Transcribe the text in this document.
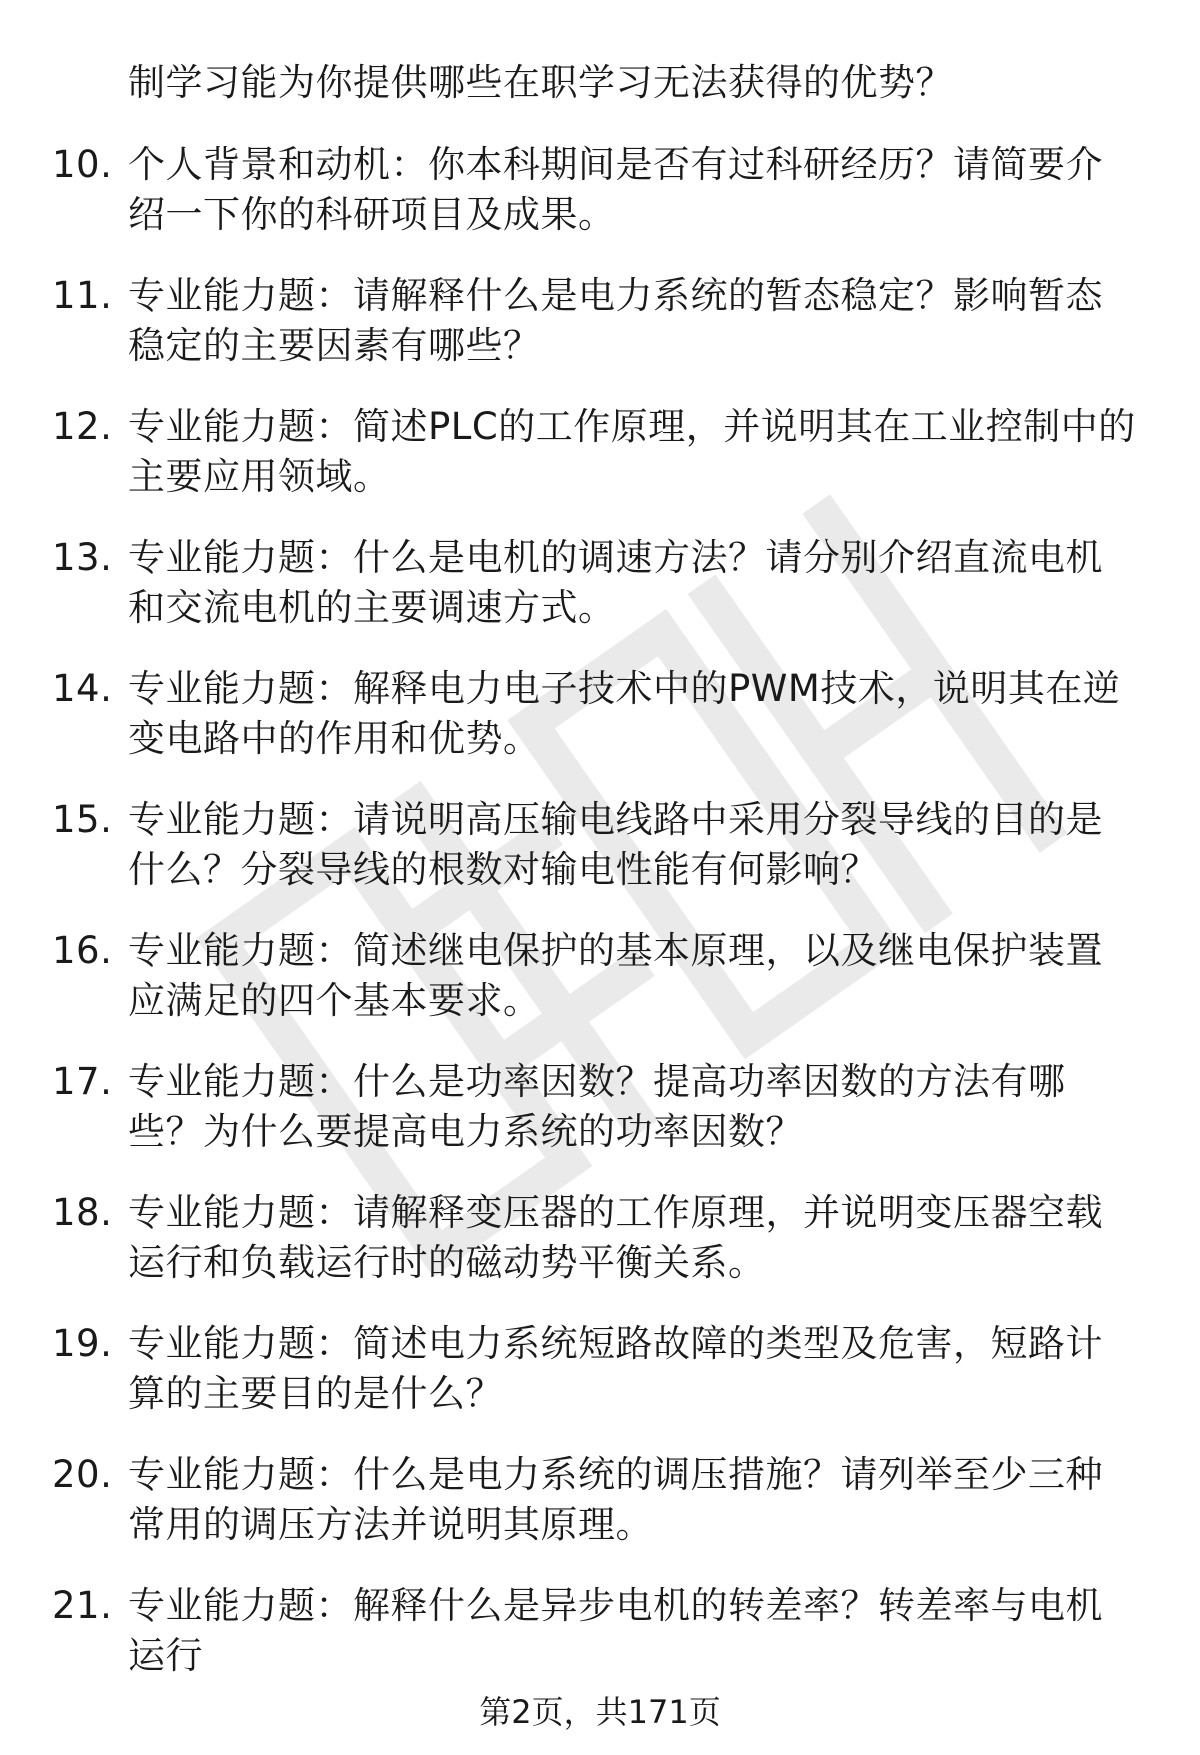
制学习能为你提供哪些在职学习无法获得的优势？
10. 个人背景和动机：你本科期间是否有过科研经历？请简要介绍一下你的科研项目及成果。
11. 专业能力题：请解释什么是电力系统的暂态稳定？影响暂态稳定的主要因素有哪些？
12. 专业能力题：简述PLC的工作原理，并说明其在工业控制中的主要应用领域。
13. 专业能力题：什么是电机的调速方法？请分别介绍直流电机和交流电机的主要调速方式。
14. 专业能力题：解释电力电子技术中的PWM技术，说明其在逆变电路中的作用和优势。
15. 专业能力题：请说明高压输电线路中采用分裂导线的目的是什么？分裂导线的根数对输电性能有何影响？
16. 专业能力题：简述继电保护的基本原理，以及继电保护装置应满足的四个基本要求。
17. 专业能力题：什么是功率因数？提高功率因数的方法有哪些？为什么要提高电力系统的功率因数？
18. 专业能力题：请解释变压器的工作原理，并说明变压器空载运行和负载运行时的磁动势平衡关系。
19. 专业能力题：简述电力系统短路故障的类型及危害，短路计算的主要目的是什么？
20. 专业能力题：什么是电力系统的调压措施？请列举至少三种常用的调压方法并说明其原理。
21. 专业能力题：解释什么是异步电机的转差率？转差率与电机运行
第2页，共171页
